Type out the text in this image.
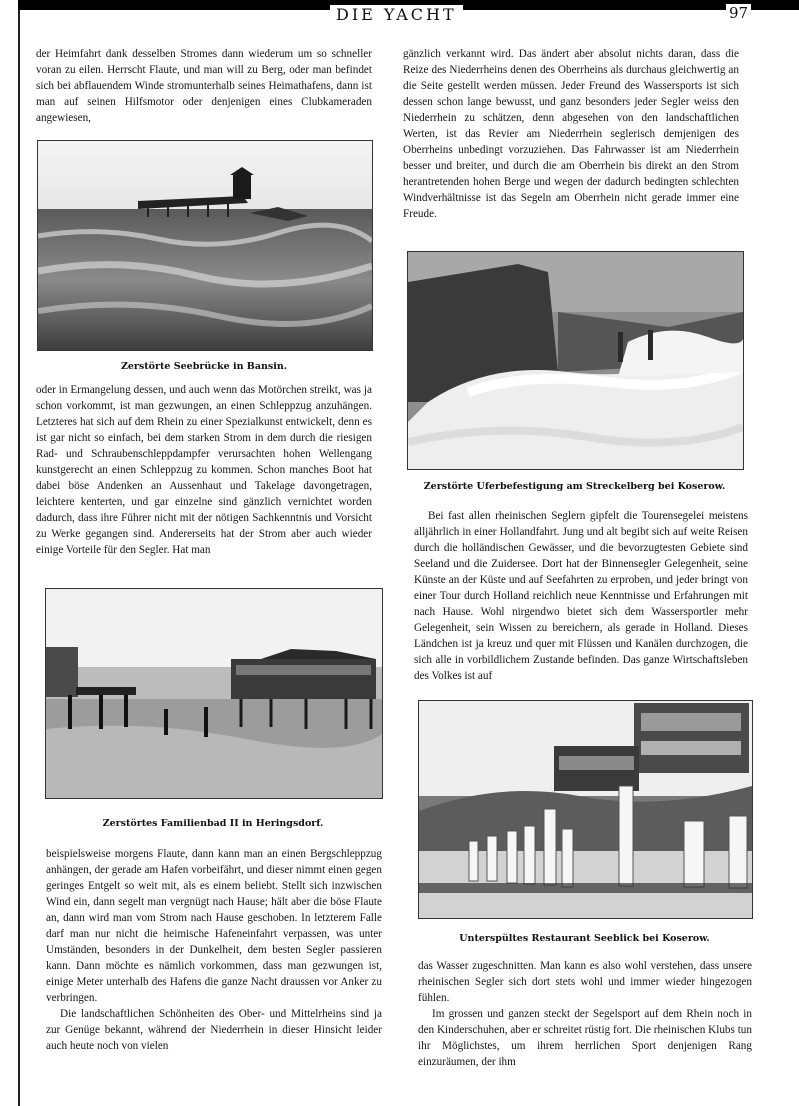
DIE YACHT	97

der Heimfahrt dank desselben Stromes dann wiederum um so schneller voran zu eilen. Herrscht Flaute, und man will zu Berg, oder man befindet sich bei abflauendem Winde stromunterhalb seines Heimathafens, dann ist man auf seinen Hilfsmotor oder denjenigen eines Clubkameraden angewiesen,

Zerstörte Seebrücke in Bansin.

oder in Ermangelung dessen, und auch wenn das Motörchen streikt, was ja schon vorkommt, ist man gezwungen, an einen Schleppzug anzuhängen. Letzteres hat sich auf dem Rhein zu einer Spezialkunst entwickelt, denn es ist gar nicht so einfach, bei dem starken Strom in dem durch die riesigen Rad- und Schraubenschleppdampfer verursachten hohen Wellengang kunstgerecht an einen Schleppzug zu kommen. Schon manches Boot hat dabei böse Andenken an Aussenhaut und Takelage davongetragen, leichtere kenterten, und gar einzelne sind gänzlich vernichtet worden dadurch, dass ihre Führer nicht mit der nötigen Sachkenntnis und Vorsicht zu Werke gegangen sind. Andererseits hat der Strom aber auch wieder einige Vorteile für den Segler. Hat man

Zerstörtes Familienbad II in Heringsdorf.

beispielsweise morgens Flaute, dann kann man an einen Bergschleppzug anhängen, der gerade am Hafen vorbeifährt, und dieser nimmt einen gegen geringes Entgelt so weit mit, als es einem beliebt. Stellt sich inzwischen Wind ein, dann segelt man vergnügt nach Hause; hält aber die böse Flaute an, dann wird man vom Strom nach Hause geschoben. In letzterem Falle darf man nur nicht die heimische Hafeneinfahrt verpassen, was unter Umständen, besonders in der Dunkelheit, dem besten Segler passieren kann. Dann möchte es nämlich vorkommen, dass man gezwungen ist, einige Meter unterhalb des Hafens die ganze Nacht draussen vor Anker zu verbringen.

Die landschaftlichen Schönheiten des Ober- und Mittelrheins sind ja zur Genüge bekannt, während der Niederrhein in dieser Hinsicht leider auch heute noch von vielen

gänzlich verkannt wird. Das ändert aber absolut nichts daran, dass die Reize des Niederrheins denen des Oberrheins als durchaus gleichwertig an die Seite gestellt werden müssen. Jeder Freund des Wassersports ist sich dessen schon lange bewusst, und ganz besonders jeder Segler weiss den Niederrhein zu schätzen, denn abgesehen von den landschaftlichen Werten, ist das Revier am Niederrhein seglerisch demjenigen des Oberrheins unbedingt vorzuziehen. Das Fahrwasser ist am Niederrhein besser und breiter, und durch die am Oberrhein bis direkt an den Strom herantretenden hohen Berge und wegen der dadurch bedingten schlechten Windverhältnisse ist das Segeln am Oberrhein nicht gerade immer eine Freude.

Zerstörte Uferbefestigung am Streckelberg bei Koserow.

Bei fast allen rheinischen Seglern gipfelt die Tourensegelei meistens alljährlich in einer Hollandfahrt. Jung und alt begibt sich auf weite Reisen durch die holländischen Gewässer, und die bevorzugtesten Gebiete sind Seeland und die Zuidersee. Dort hat der Binnensegler Gelegenheit, seine Künste an der Küste und auf Seefahrten zu erproben, und jeder bringt von einer Tour durch Holland reichlich neue Kenntnisse und Erfahrungen mit nach Hause. Wohl nirgendwo bietet sich dem Wassersportler mehr Gelegenheit, sein Wissen zu bereichern, als gerade in Holland. Dieses Ländchen ist ja kreuz und quer mit Flüssen und Kanälen durchzogen, die sich alle in vorbildlichem Zustande befinden. Das ganze Wirtschaftsleben des Volkes ist auf

Unterspültes Restaurant Seeblick bei Koserow.

das Wasser zugeschnitten. Man kann es also wohl verstehen, dass unsere rheinischen Segler sich dort stets wohl und immer wieder hingezogen fühlen.

Im grossen und ganzen steckt der Segelsport auf dem Rhein noch in den Kinderschuhen, aber er schreitet rüstig fort. Die rheinischen Klubs tun ihr Möglichstes, um ihrem herrlichen Sport denjenigen Rang einzuräumen, der ihm
